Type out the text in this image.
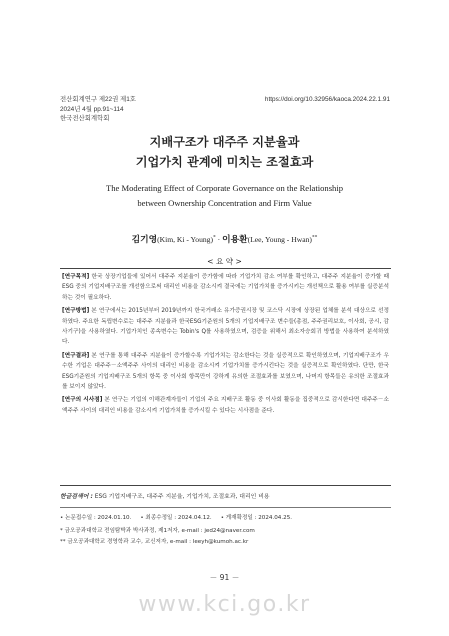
전산회계연구 제22권 제1호
2024년 4월 pp.91~114
한국전산회계학회
https://doi.org/10.32956/kaoca.2024.22.1.91
지배구조가 대주주 지분율과
기업가치 관계에 미치는 조절효과
The Moderating Effect of Corporate Governance on the Relationship
between Ownership Concentration and Firm Value
김기영(Kim, Ki - Young)* · 이용환(Lee, Young - Hwan)**
< 요 약 >

[연구목적] 한국 상장기업들에 있어서 대주주 지분율이 증가함에 따라 기업가치 감소 여부를 확인하고, 대주주 지분율이 증가할 때 ESG 중의 기업지배구조를 개선함으로써 대리인 비용을 감소시켜 결국에는 기업가치를 증가시키는 개선책으로 활용 여부를 실증분석하는 것이 필요하다.

[연구방법] 본 연구에서는 2015년부터 2019년까지 한국거래소 유가증권시장 및 코스닥 시장에 상장된 업체를 분석 대상으로 선정하였다. 주요한 독립변수로는 대주주 지분율과 한국ESG기준원의 5개의 기업지배구조 변수들(총점, 주주권리보호, 이사회, 공시, 감사기구)을 사용하였다. 기업가치인 종속변수는 Tobin's Q를 사용하였으며, 검증을 위해서 최소자승회귀 방법을 사용하여 분석하였다.

[연구결과] 본 연구를 통해 대주주 지분율이 증가할수록 기업가치는 감소한다는 것을 실증적으로 확인하였으며, 기업지배구조가 우수한 기업은 대주주－소액주주 사이의 대리인 비용을 감소시켜 기업가치를 증가시킨다는 것을 실증적으로 확인하였다. 단만, 한국ESG기준원의 기업지배구조 5개의 항목 중 이사회 항목만이 강하게 유의한 조절효과를 보였으며, 나머지 항목들은 유의한 조절효과를 보이지 않았다.

[연구의 시사점] 본 연구는 기업의 이해관계자들이 기업의 주요 지배구조 활동 중 이사회 활동을 집중적으로 감시한다면 대주주－소액주주 사이의 대리인 비용을 감소시켜 기업가치를 증가시킬 수 있다는 시사점을 준다.

한글검색어 : ESG 기업지배구조, 대주주 지분율, 기업가치, 조절효과, 대리인 비용
• 논문접수일 : 2024.01.10. • 최종수정일 : 2024.04.12. • 게재확정일 : 2024.04.25.
* 금오공과대학교 전임탐박과 박사과정, 제1저자, e-mail : jed24@naver.com
** 금오공과대학교 경영학과 교수, 교신저자, e-mail : leeyh@kumoh.ac.kr
－ 91 －
www.kci.go.kr
